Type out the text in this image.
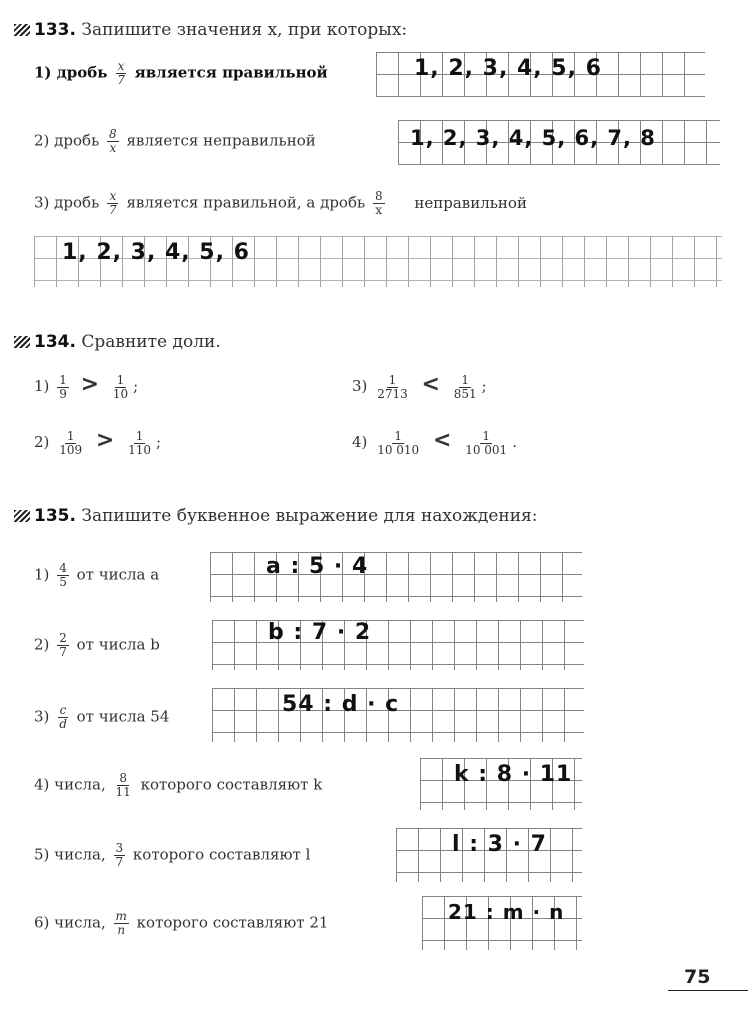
133. Запишите значения x, при которых:
1) дробь $\frac{x}{7}$ является правильной	1, 2, 3, 4, 5, 6
2) дробь $\frac{8}{x}$ является неправильной	1, 2, 3, 4, 5, 6, 7, 8
3) дробь $\frac{x}{7}$ является правильной, а дробь $\frac{8}{x}$ неправильной
1, 2, 3, 4, 5, 6
134. Сравните доли.
$1) \frac{1}{9} > \frac{1}{10}$ ;
$2) \frac{1}{109} > \frac{1}{110}$ ;
$3) \frac{1}{2713} < \frac{1}{851}$ ;
$4) \frac{1}{10 010} < \frac{1}{10 001}$ .
135. Запишите буквенное выражение для нахождения:
$1) \frac{4}{5}$ от числа a	a : 5 · 4
$2) \frac{2}{7}$ от числа b	b : 7 · 2
$3) \frac{c}{d}$ от числа 54	54 : d · c
4) числа, $\frac{8}{11}$ которого составляют k	k : 8 · 11
5) числа, $\frac{3}{7}$ которого составляют l	l : 3 · 7
6) числа, $\frac{m}{n}$ которого составляют 21	21 : m · n
75
